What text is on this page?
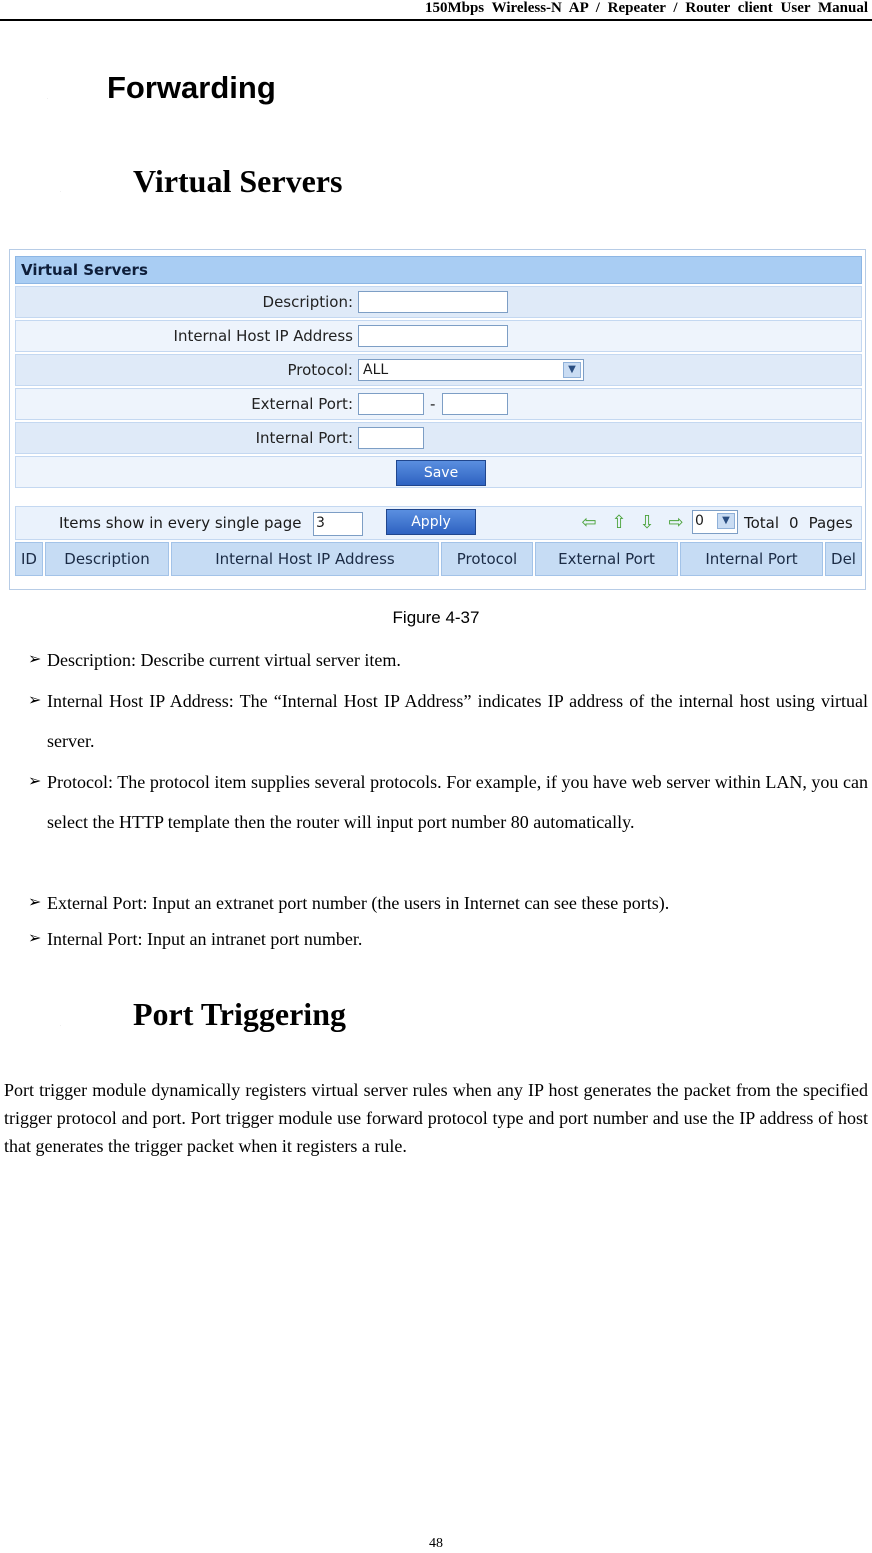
150Mbps Wireless-N AP / Repeater / Router client User Manual
. Forwarding
. Virtual Servers
Virtual Servers
Description:
Internal Host IP Address
Protocol: ALL	▼
External Port:	-
Internal Port:
Save
Items show in every single page 3	Apply	⇦ ⇧ ⇩ ⇨ 0	▼ Total 0 Pages
ID	Description	Internal Host IP Address	Protocol	External Port	Internal Port	Del
Figure 4-37
➢ Description: Describe current virtual server item.
➢ Internal Host IP Address: The “Internal Host IP Address” indicates IP address of the internal host using virtual server.
➢ Protocol: The protocol item supplies several protocols. For example, if you have web server within LAN, you can select the HTTP template then the router will input port number 80 automatically.
➢ External Port: Input an extranet port number (the users in Internet can see these ports).
➢ Internal Port: Input an intranet port number.
. Port Triggering
Port trigger module dynamically registers virtual server rules when any IP host generates the packet from the specified trigger protocol and port. Port trigger module use forward protocol type and port number and use the IP address of host that generates the trigger packet when it registers a rule.
48
